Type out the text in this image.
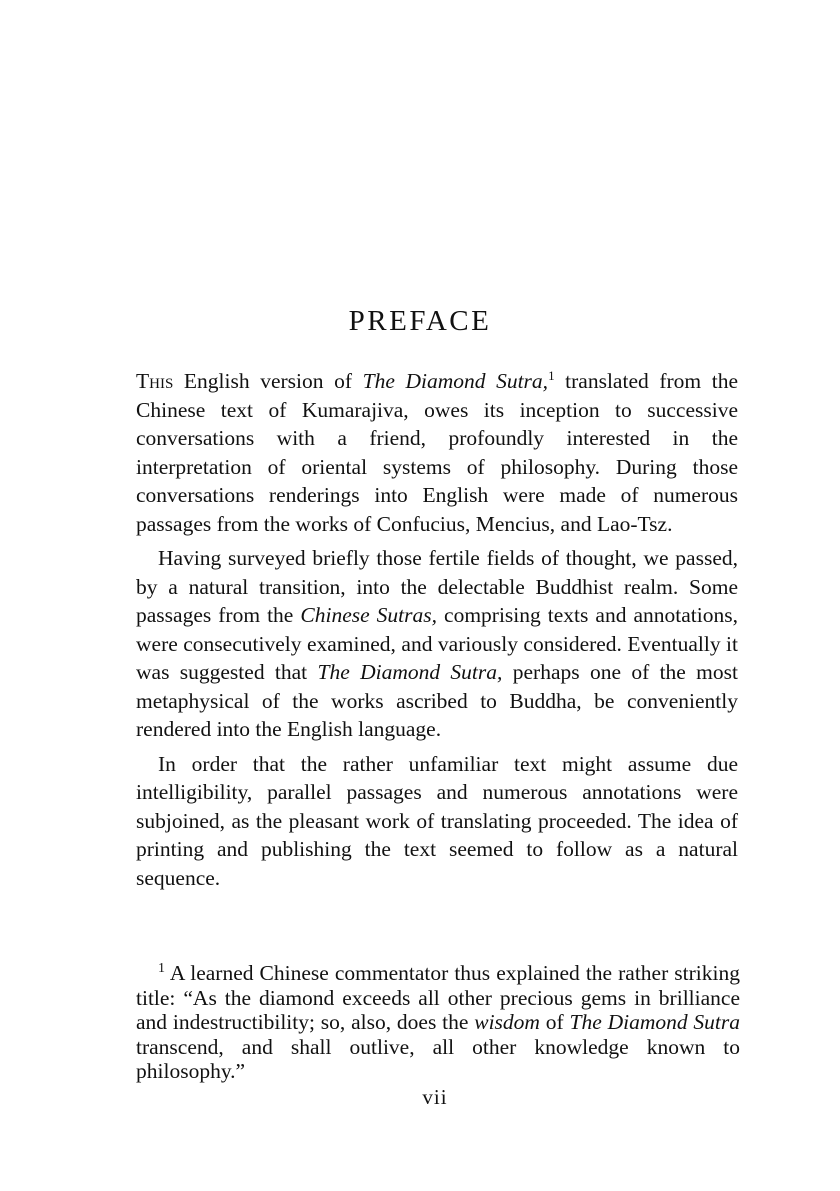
PREFACE

This English version of The Diamond Sutra,$^1$ translated from the Chinese text of Kumarajiva, owes its inception to successive conversations with a friend, profoundly interested in the interpretation of oriental systems of philosophy. During those conversations renderings into English were made of numerous passages from the works of Confucius, Mencius, and Lao-Tsz.

Having surveyed briefly those fertile fields of thought, we passed, by a natural transition, into the delectable Buddhist realm. Some passages from the Chinese Sutras, comprising texts and annotations, were consecutively examined, and variously considered. Eventually it was suggested that The Diamond Sutra, perhaps one of the most metaphysical of the works ascribed to Buddha, be conveniently rendered into the English language.

In order that the rather unfamiliar text might assume due intelligibility, parallel passages and numerous annotations were subjoined, as the pleasant work of translating proceeded. The idea of printing and publishing the text seemed to follow as a natural sequence.

$^1$ A learned Chinese commentator thus explained the rather striking title: “As the diamond exceeds all other precious gems in brilliance and indestructibility; so, also, does the wisdom of The Diamond Sutra transcend, and shall outlive, all other knowledge known to philosophy.”

vii
